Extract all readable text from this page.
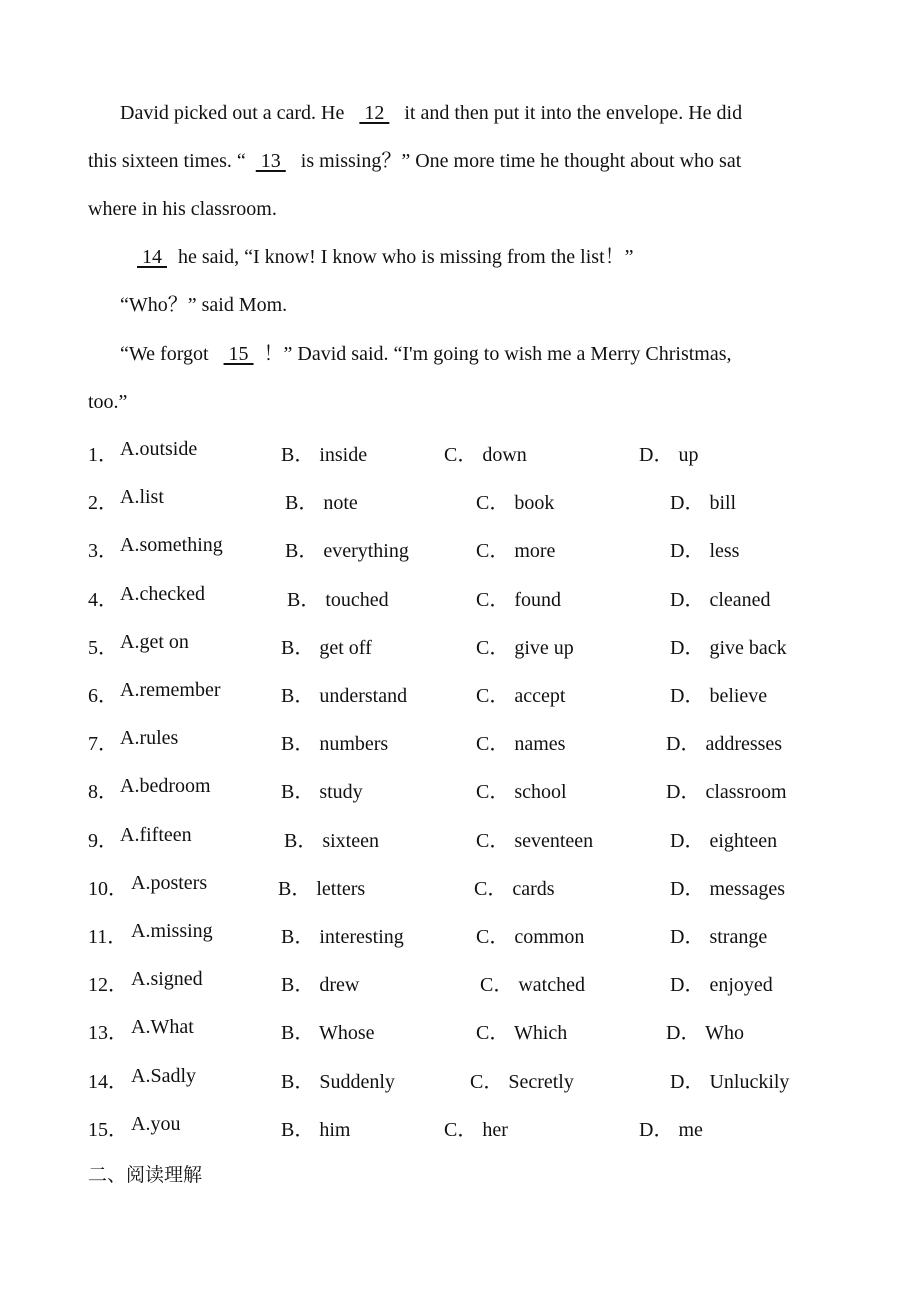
David picked out a card. He  12  it and then put it into the envelope. He did
this sixteen times. “ 13  is missing？” One more time he thought about who sat
where in his classroom.
14  he said, “I know! I know who is missing from the list！”
“Who？” said Mom.
“We forgot  15 ！” David said. “I'm going to wish me a Merry Christmas,
too.”
1． A.outside	B． inside	C． down	D． up
2． A.list	B． note	C． book	D． bill
3． A.something	B． everything	C． more	D． less
4． A.checked	B． touched	C． found	D． cleaned
5． A.get on	B． get off	C． give up	D． give back
6． A.remember	B． understand	C． accept	D． believe
7． A.rules	B． numbers	C． names	D． addresses
8． A.bedroom	B． study	C． school	D． classroom
9． A.fifteen	B． sixteen	C． seventeen	D． eighteen
10． A.posters	B． letters	C． cards	D． messages
11． A.missing	B． interesting	C． common	D． strange
12． A.signed	B． drew	C． watched	D． enjoyed
13． A.What	B． Whose	C． Which	D． Who
14． A.Sadly	B． Suddenly	C． Secretly	D． Unluckily
15． A.you	B． him	C． her	D． me
二、阅读理解
